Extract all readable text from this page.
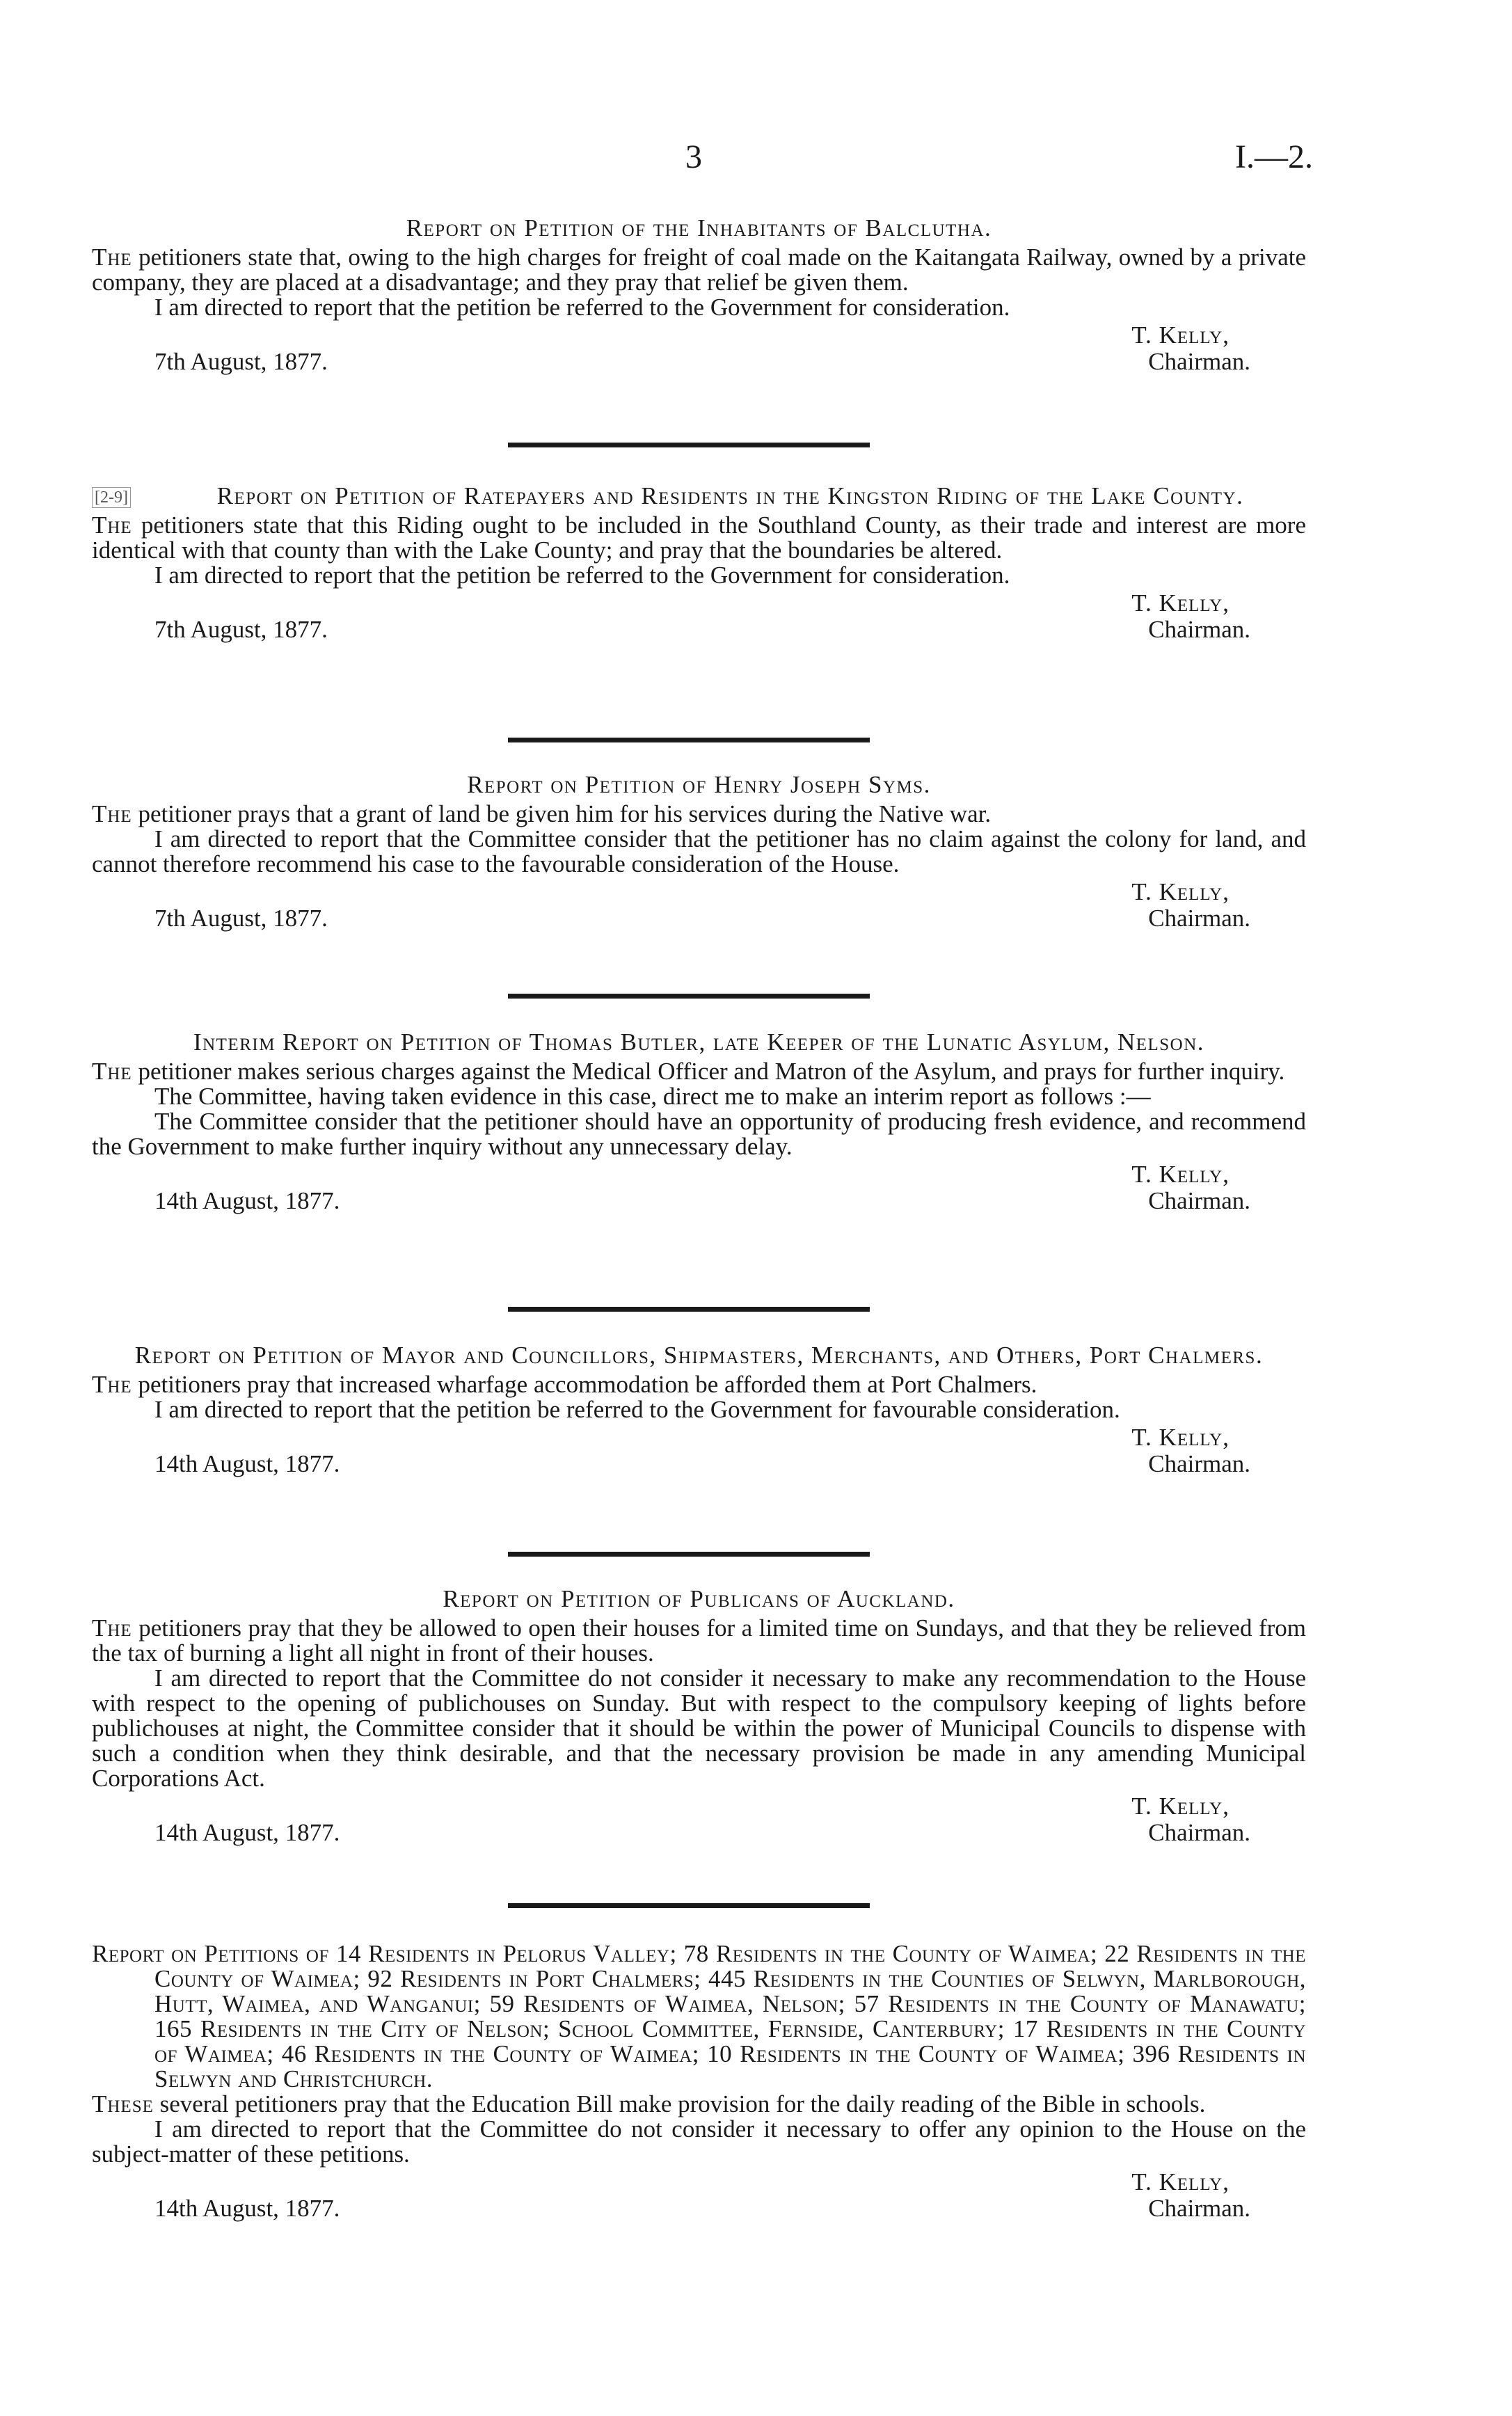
3	I.—2.

Report on Petition of the Inhabitants of Balclutha.

The petitioners state that, owing to the high charges for freight of coal made on the Kaitangata Railway, owned by a private company, they are placed at a disadvantage; and they pray that relief be given them.

I am directed to report that the petition be referred to the Government for consideration.

T. Kelly,
Chairman.
7th August, 1877.
[2-9]	Report on Petition of Ratepayers and Residents in the Kingston Riding of the Lake County.

The petitioners state that this Riding ought to be included in the Southland County, as their trade and interest are more identical with that county than with the Lake County; and pray that the boundaries be altered.

I am directed to report that the petition be referred to the Government for consideration.

T. Kelly,
Chairman.
7th August, 1877.

Report on Petition of Henry Joseph Syms.

The petitioner prays that a grant of land be given him for his services during the Native war.

I am directed to report that the Committee consider that the petitioner has no claim against the colony for land, and cannot therefore recommend his case to the favourable consideration of the House.

T. Kelly,
Chairman.
7th August, 1877.

Interim Report on Petition of Thomas Butler, late Keeper of the Lunatic Asylum, Nelson.

The petitioner makes serious charges against the Medical Officer and Matron of the Asylum, and prays for further inquiry.

The Committee, having taken evidence in this case, direct me to make an interim report as follows :—

The Committee consider that the petitioner should have an opportunity of producing fresh evidence, and recommend the Government to make further inquiry without any unnecessary delay.

T. Kelly,
Chairman.
14th August, 1877.

Report on Petition of Mayor and Councillors, Shipmasters, Merchants, and Others, Port Chalmers.

The petitioners pray that increased wharfage accommodation be afforded them at Port Chalmers.

I am directed to report that the petition be referred to the Government for favourable consideration.

T. Kelly,
Chairman.
14th August, 1877.

Report on Petition of Publicans of Auckland.

The petitioners pray that they be allowed to open their houses for a limited time on Sundays, and that they be relieved from the tax of burning a light all night in front of their houses.

I am directed to report that the Committee do not consider it necessary to make any recommendation to the House with respect to the opening of publichouses on Sunday. But with respect to the compulsory keeping of lights before publichouses at night, the Committee consider that it should be within the power of Municipal Councils to dispense with such a condition when they think desirable, and that the necessary provision be made in any amending Municipal Corporations Act.

T. Kelly,
Chairman.
14th August, 1877.

Report on Petitions of 14 Residents in Pelorus Valley; 78 Residents in the County of Waimea; 22 Residents in the County of Waimea; 92 Residents in Port Chalmers; 445 Residents in the Counties of Selwyn, Marlborough, Hutt, Waimea, and Wanganui; 59 Residents of Waimea, Nelson; 57 Residents in the County of Manawatu; 165 Residents in the City of Nelson; School Committee, Fernside, Canterbury; 17 Residents in the County of Waimea; 46 Residents in the County of Waimea; 10 Residents in the County of Waimea; 396 Residents in Selwyn and Christchurch.

These several petitioners pray that the Education Bill make provision for the daily reading of the Bible in schools.

I am directed to report that the Committee do not consider it necessary to offer any opinion to the House on the subject-matter of these petitions.

T. Kelly,
Chairman.
14th August, 1877.
